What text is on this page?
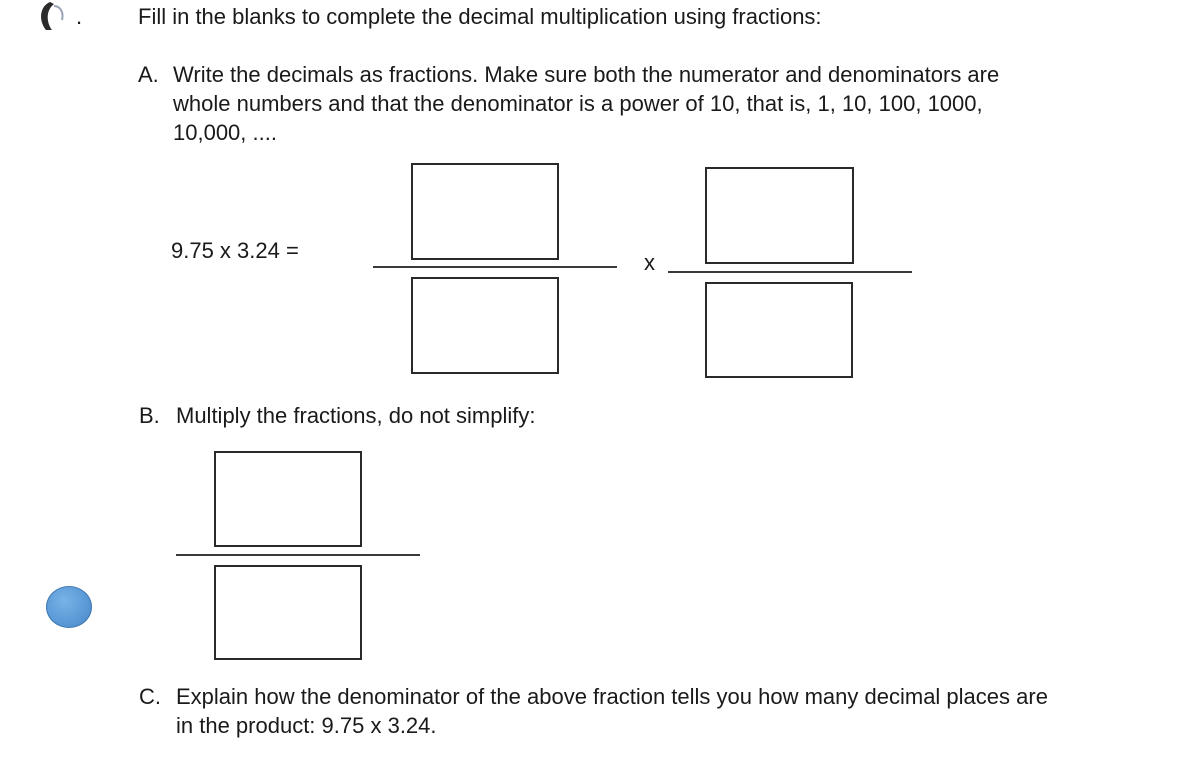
.	Fill in the blanks to complete the decimal multiplication using fractions:
A. Write the decimals as fractions. Make sure both the numerator and denominators are
whole numbers and that the denominator is a power of 10, that is, 1, 10, 100, 1000,
10,000, ....
9.75 x 3.24 =	x
B. Multiply the fractions, do not simplify:
C. Explain how the denominator of the above fraction tells you how many decimal places are
in the product: 9.75 x 3.24.
